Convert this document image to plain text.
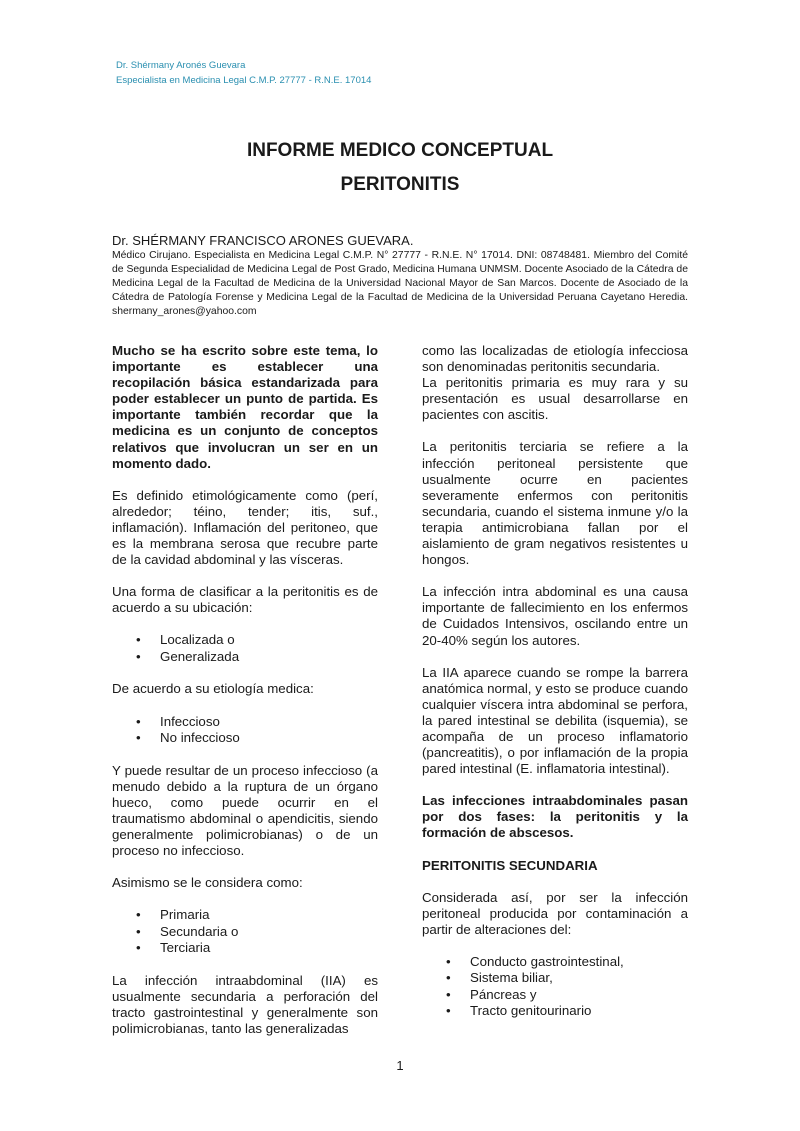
Dr. Shérmany Aronés Guevara
Especialista en Medicina Legal C.M.P. 27777 - R.N.E. 17014
INFORME MEDICO CONCEPTUAL
PERITONITIS
Dr. SHÉRMANY FRANCISCO ARONES GUEVARA.
Médico Cirujano. Especialista en Medicina Legal C.M.P. N° 27777 - R.N.E. N° 17014. DNI: 08748481. Miembro del Comité de Segunda Especialidad de Medicina Legal de Post Grado, Medicina Humana UNMSM. Docente Asociado de la Cátedra de Medicina Legal de la Facultad de Medicina de la Universidad Nacional Mayor de San Marcos. Docente de Asociado de la Cátedra de Patología Forense y Medicina Legal de la Facultad de Medicina de la Universidad Peruana Cayetano Heredia. shermany_arones@yahoo.com

Mucho se ha escrito sobre este tema, lo importante es establecer una recopilación básica estandarizada para poder establecer un punto de partida. Es importante también recordar que la medicina es un conjunto de conceptos relativos que involucran un ser en un momento dado.

Es definido etimológicamente como (perí, alrededor; téino, tender; itis, suf., inflamación). Inflamación del peritoneo, que es la membrana serosa que recubre parte de la cavidad abdominal y las vísceras.

Una forma de clasificar a la peritonitis es de acuerdo a su ubicación:

• Localizada o
• Generalizada

De acuerdo a su etiología medica:

• Infeccioso
• No infeccioso

Y puede resultar de un proceso infeccioso (a menudo debido a la ruptura de un órgano hueco, como puede ocurrir en el traumatismo abdominal o apendicitis, siendo generalmente polimicrobianas) o de un proceso no infeccioso.

Asimismo se le considera como:

• Primaria
• Secundaria o
• Terciaria

La infección intraabdominal (IIA) es usualmente secundaria a perforación del tracto gastrointestinal y generalmente son polimicrobianas, tanto las generalizadas

como las localizadas de etiología infecciosa son denominadas peritonitis secundaria.

La peritonitis primaria es muy rara y su presentación es usual desarrollarse en pacientes con ascitis.

La peritonitis terciaria se refiere a la infección peritoneal persistente que usualmente ocurre en pacientes severamente enfermos con peritonitis secundaria, cuando el sistema inmune y/o la terapia antimicrobiana fallan por el aislamiento de gram negativos resistentes u hongos.

La infección intra abdominal es una causa importante de fallecimiento en los enfermos de Cuidados Intensivos, oscilando entre un 20-40% según los autores.

La IIA aparece cuando se rompe la barrera anatómica normal, y esto se produce cuando cualquier víscera intra abdominal se perfora, la pared intestinal se debilita (isquemia), se acompaña de un proceso inflamatorio (pancreatitis), o por inflamación de la propia pared intestinal (E. inflamatoria intestinal).

Las infecciones intraabdominales pasan por dos fases: la peritonitis y la formación de abscesos.

PERITONITIS SECUNDARIA

Considerada así, por ser la infección peritoneal producida por contaminación a partir de alteraciones del:

• Conducto gastrointestinal,
• Sistema biliar,
• Páncreas y
• Tracto genitourinario
1
